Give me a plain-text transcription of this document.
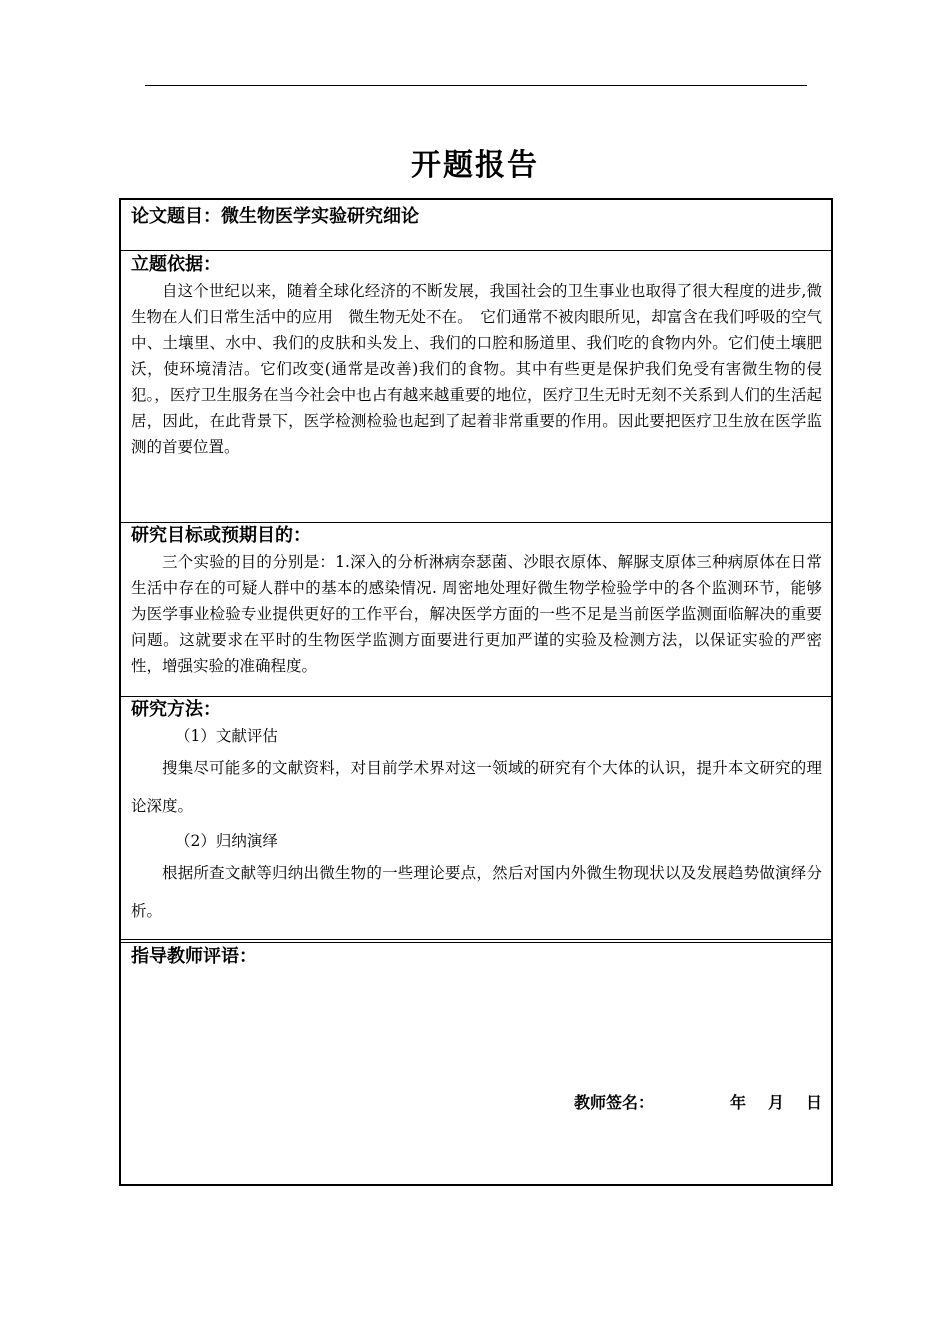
开题报告
论文题目：微生物医学实验研究细论
立题依据：

自这个世纪以来，随着全球化经济的不断发展，我国社会的卫生事业也取得了很大程度的进步,微生物在人们日常生活中的应用　微生物无处不在。　它们通常不被肉眼所见，却富含在我们呼吸的空气中、土壤里、水中、我们的皮肤和头发上、我们的口腔和肠道里、我们吃的食物内外。它们使土壤肥沃，使环境清洁。它们改变(通常是改善)我们的食物。其中有些更是保护我们免受有害微生物的侵犯。，医疗卫生服务在当今社会中也占有越来越重要的地位，医疗卫生无时无刻不关系到人们的生活起居，因此，在此背景下，医学检测检验也起到了起着非常重要的作用。因此要把医疗卫生放在医学监测的首要位置。

研究目标或预期目的：

三个实验的目的分别是：1.深入的分析淋病奈瑟菌、沙眼衣原体、解脲支原体三种病原体在日常生活中存在的可疑人群中的基本的感染情况. 周密地处理好微生物学检验学中的各个监测环节，能够为医学事业检验专业提供更好的工作平台，解决医学方面的一些不足是当前医学监测面临解决的重要问题。这就要求在平时的生物医学监测方面要进行更加严谨的实验及检测方法，以保证实验的严密性，增强实验的准确程度。

研究方法：

（1）文献评估

搜集尽可能多的文献资料，对目前学术界对这一领域的研究有个大体的认识，提升本文研究的理论深度。

（2）归纳演绎

根据所查文献等归纳出微生物的一些理论要点，然后对国内外微生物现状以及发展趋势做演绎分析。

指导教师评语：
教师签名：	年 月 日
